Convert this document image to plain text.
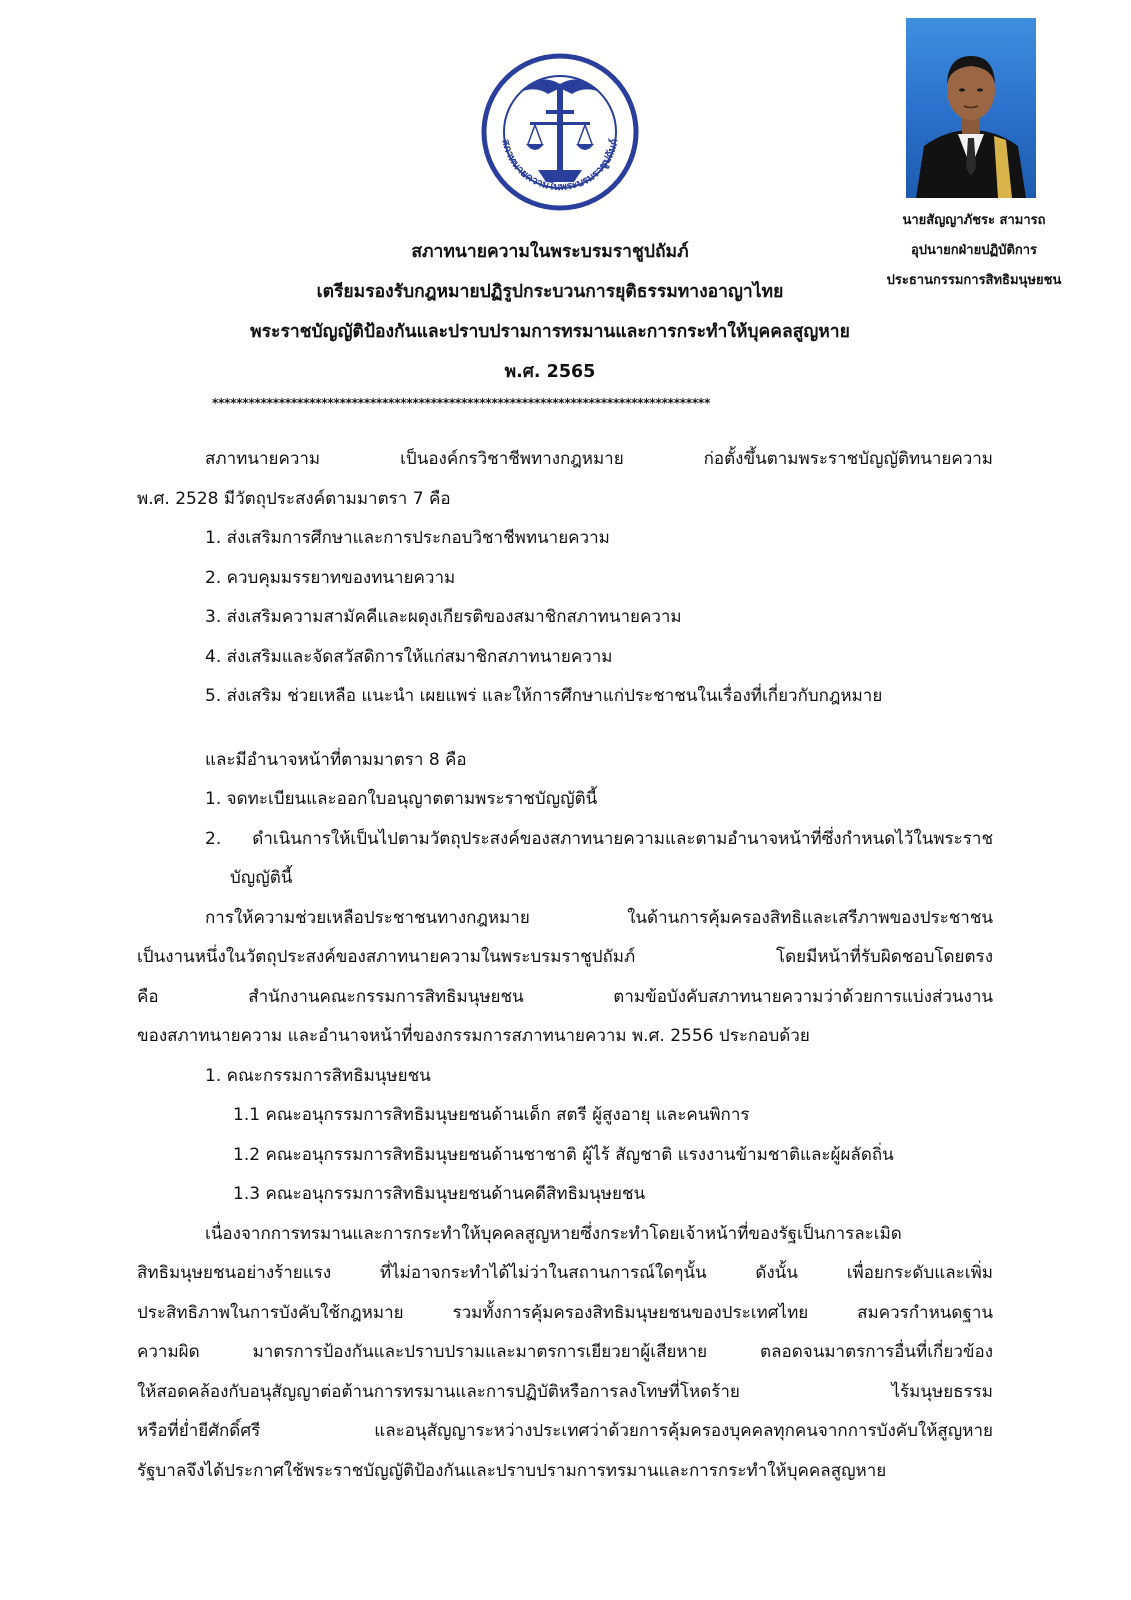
สภาทนายความในพระบรมราชูปถัมภ์
นายสัญญาภัชระ สามารถ
อุปนายกฝ่ายปฏิบัติการ
ประธานกรรมการสิทธิมนุษยชน
สภาทนายความในพระบรมราชูปถัมภ์
เตรียมรองรับกฎหมายปฏิรูปกระบวนการยุติธรรมทางอาญาไทย
พระราชบัญญัติป้องกันและปราบปรามการทรมานและการกระทำให้บุคคลสูญหาย
พ.ศ. 2565
**********************************************************************************

สภาทนายความ เป็นองค์กรวิชาชีพทางกฎหมาย ก่อตั้งขึ้นตามพระราชบัญญัติทนายความ

พ.ศ. 2528 มีวัตถุประสงค์ตามมาตรา 7 คือ

1. ส่งเสริมการศึกษาและการประกอบวิชาชีพทนายความ

2. ควบคุมมรรยาทของทนายความ

3. ส่งเสริมความสามัคคีและผดุงเกียรติของสมาชิกสภาทนายความ

4. ส่งเสริมและจัดสวัสดิการให้แก่สมาชิกสภาทนายความ

5. ส่งเสริม ช่วยเหลือ แนะนำ เผยแพร่ และให้การศึกษาแก่ประชาชนในเรื่องที่เกี่ยวกับกฎหมาย

และมีอำนาจหน้าที่ตามมาตรา 8 คือ

1. จดทะเบียนและออกใบอนุญาตตามพระราชบัญญัตินี้

2. ดำเนินการให้เป็นไปตามวัตถุประสงค์ของสภาทนายความและตามอำนาจหน้าที่ซึ่งกำหนดไว้ในพระราชบัญญัตินี้

การให้ความช่วยเหลือประชาชนทางกฎหมาย ในด้านการคุ้มครองสิทธิและเสรีภาพของประชาชน

เป็นงานหนึ่งในวัตถุประสงค์ของสภาทนายความในพระบรมราชูปถัมภ์ โดยมีหน้าที่รับผิดชอบโดยตรง

คือ สำนักงานคณะกรรมการสิทธิมนุษยชน ตามข้อบังคับสภาทนายความว่าด้วยการแบ่งส่วนงาน

ของสภาทนายความ และอำนาจหน้าที่ของกรรมการสภาทนายความ พ.ศ. 2556 ประกอบด้วย

1. คณะกรรมการสิทธิมนุษยชน

1.1 คณะอนุกรรมการสิทธิมนุษยชนด้านเด็ก สตรี ผู้สูงอายุ และคนพิการ

1.2 คณะอนุกรรมการสิทธิมนุษยชนด้านชาชาติ ผู้ไร้ สัญชาติ แรงงานข้ามชาติและผู้ผลัดถิ่น

1.3 คณะอนุกรรมการสิทธิมนุษยชนด้านคดีสิทธิมนุษยชน

เนื่องจากการทรมานและการกระทำให้บุคคลสูญหายซึ่งกระทำโดยเจ้าหน้าที่ของรัฐเป็นการละเมิด

สิทธิมนุษยชนอย่างร้ายแรง ที่ไม่อาจกระทำได้ไม่ว่าในสถานการณ์ใดๆนั้น ดังนั้น เพื่อยกระดับและเพิ่ม

ประสิทธิภาพในการบังคับใช้กฎหมาย รวมทั้งการคุ้มครองสิทธิมนุษยชนของประเทศไทย สมควรกำหนดฐาน

ความผิด มาตรการป้องกันและปราบปรามและมาตรการเยียวยาผู้เสียหาย ตลอดจนมาตรการอื่นที่เกี่ยวข้อง

ให้สอดคล้องกับอนุสัญญาต่อต้านการทรมานและการปฏิบัติหรือการลงโทษที่โหดร้าย ไร้มนุษยธรรม

หรือที่ย่ำยีศักดิ์ศรี และอนุสัญญาระหว่างประเทศว่าด้วยการคุ้มครองบุคคลทุกคนจากการบังคับให้สูญหาย

รัฐบาลจึงได้ประกาศใช้พระราชบัญญัติป้องกันและปราบปรามการทรมานและการกระทำให้บุคคลสูญหาย
